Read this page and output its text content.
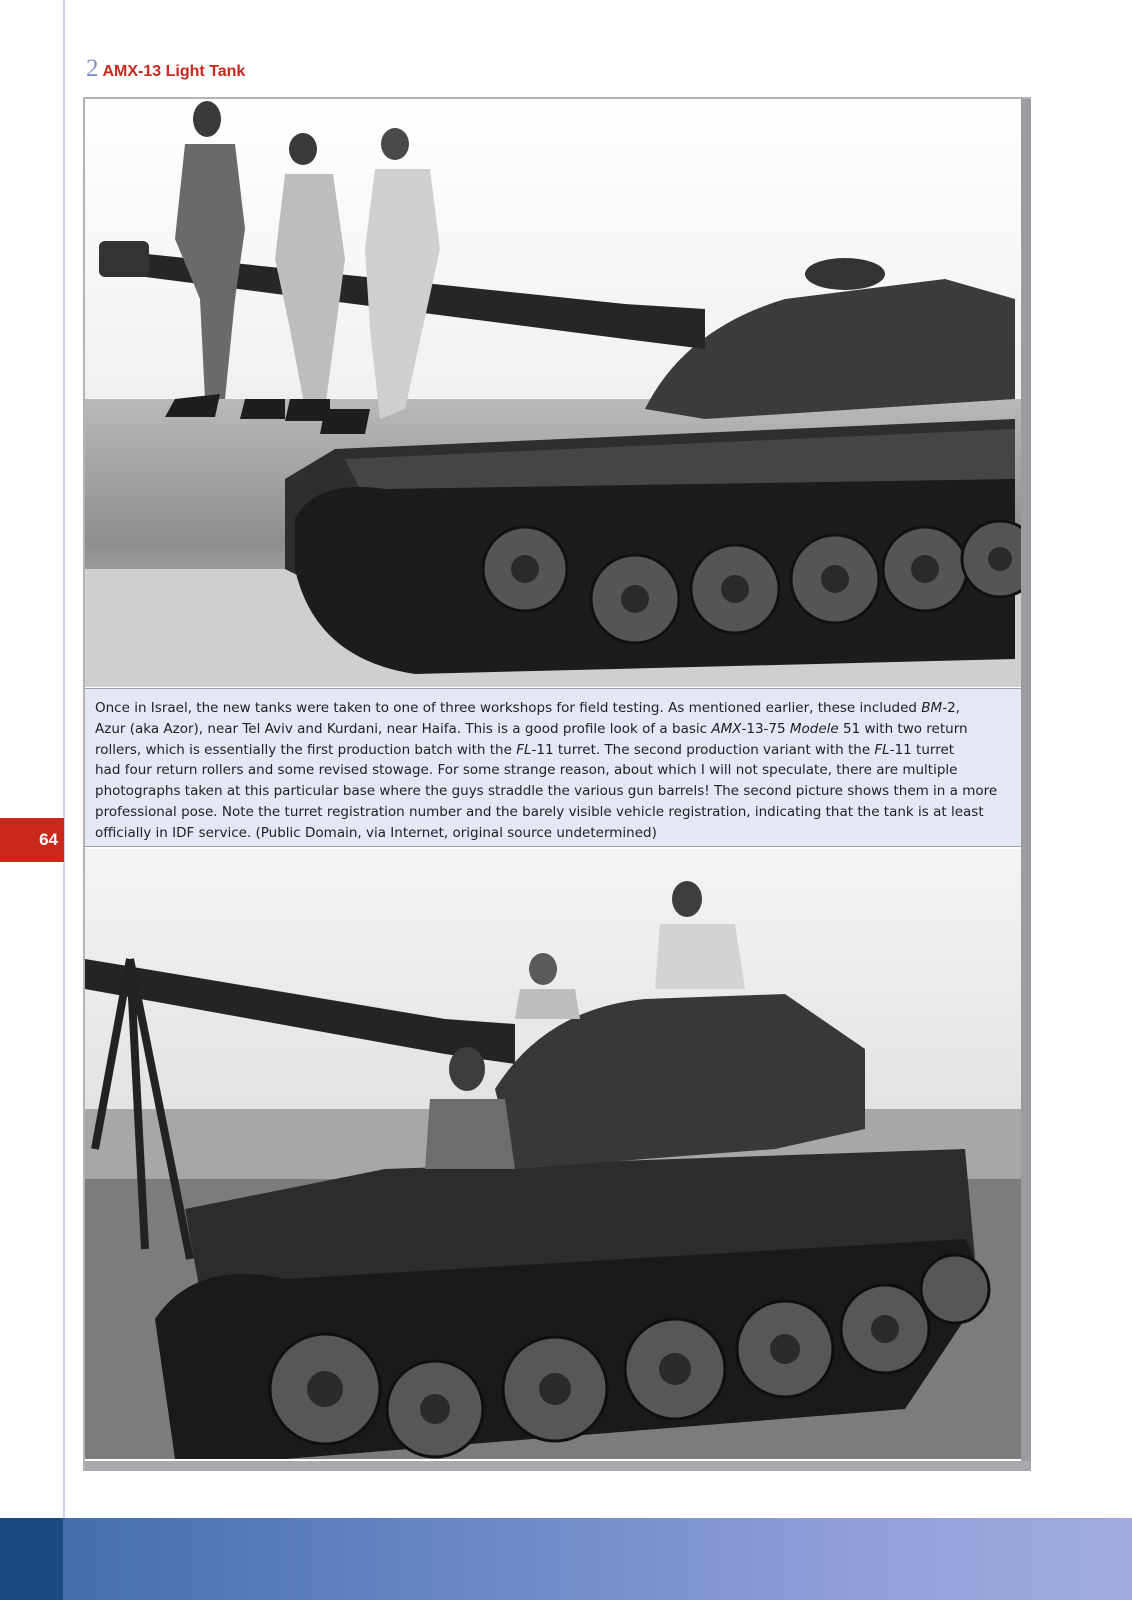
2 AMX-13 Light Tank
Once in Israel, the new tanks were taken to one of three workshops for field testing. As mentioned earlier, these included BM-2,
Azur (aka Azor), near Tel Aviv and Kurdani, near Haifa. This is a good profile look of a basic AMX-13-75 Modele 51 with two return
rollers, which is essentially the first production batch with the FL-11 turret. The second production variant with the FL-11 turret
had four return rollers and some revised stowage. For some strange reason, about which I will not speculate, there are multiple
photographs taken at this particular base where the guys straddle the various gun barrels! The second picture shows them in a more
professional pose. Note the turret registration number and the barely visible vehicle registration, indicating that the tank is at least
officially in IDF service. (Public Domain, via Internet, original source undetermined)
64
